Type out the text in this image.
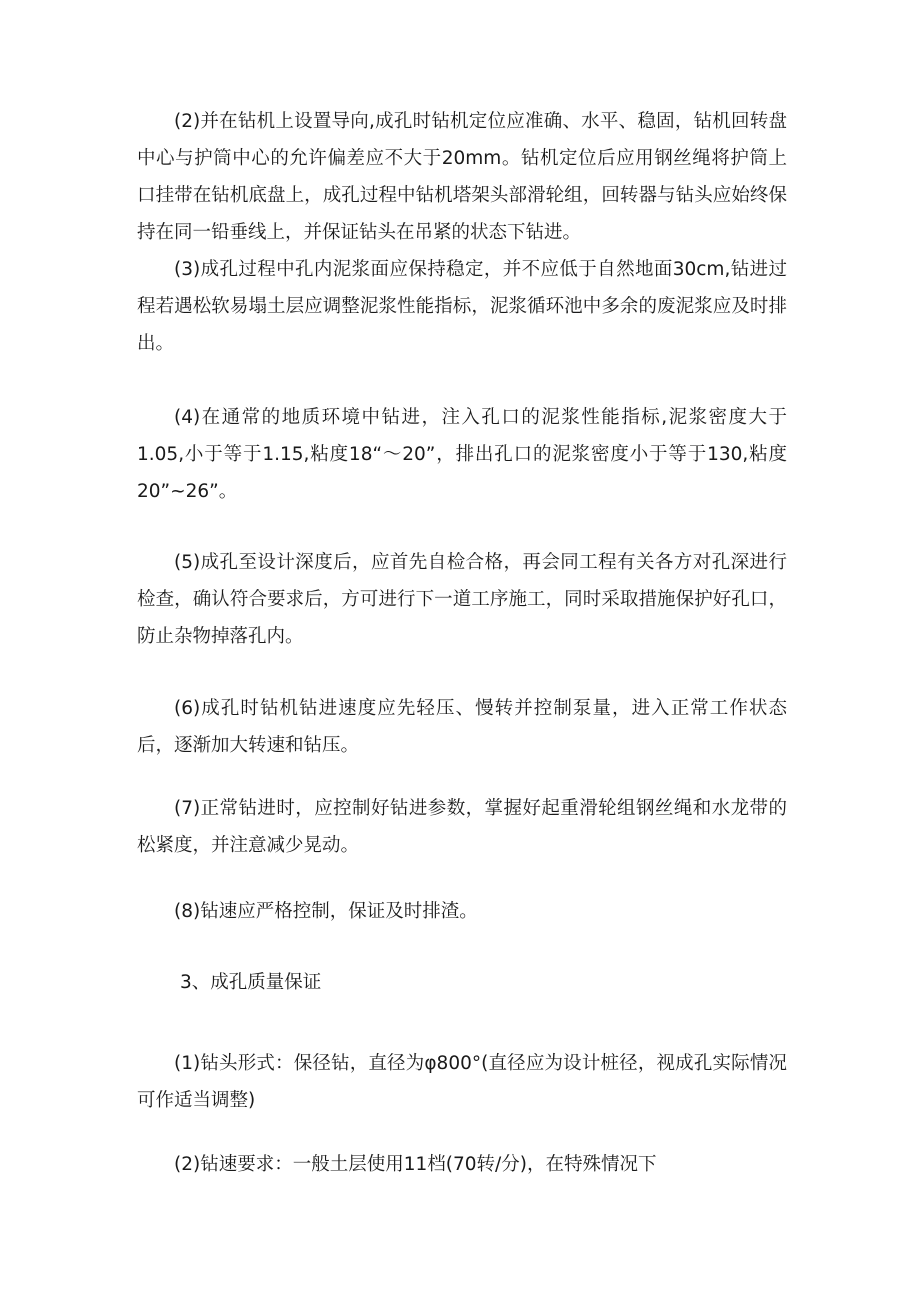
(2)并在钻机上设置导向,成孔时钻机定位应准确、水平、稳固，钻机回转盘中心与护筒中心的允许偏差应不大于20mm。钻机定位后应用钢丝绳将护筒上口挂带在钻机底盘上，成孔过程中钻机塔架头部滑轮组，回转器与钻头应始终保持在同一铅垂线上，并保证钻头在吊紧的状态下钻进。

(3)成孔过程中孔内泥浆面应保持稳定，并不应低于自然地面30cm,钻进过程若遇松软易塌土层应调整泥浆性能指标，泥浆循环池中多余的废泥浆应及时排出。

(4)在通常的地质环境中钻进，注入孔口的泥浆性能指标,泥浆密度大于1.05,小于等于1.15,粘度18“～20”，排出孔口的泥浆密度小于等于130,粘度20”~26”。

(5)成孔至设计深度后，应首先自检合格，再会同工程有关各方对孔深进行检查，确认符合要求后，方可进行下一道工序施工，同时采取措施保护好孔口，防止杂物掉落孔内。

(6)成孔时钻机钻进速度应先轻压、慢转并控制泵量，进入正常工作状态后，逐渐加大转速和钻压。

(7)正常钻进时，应控制好钻进参数，掌握好起重滑轮组钢丝绳和水龙带的松紧度，并注意减少晃动。

(8)钻速应严格控制，保证及时排渣。

3、成孔质量保证

(1)钻头形式：保径钻，直径为φ800°(直径应为设计桩径，视成孔实际情况可作适当调整)

(2)钻速要求：一般土层使用11档(70转/分)，在特殊情况下
